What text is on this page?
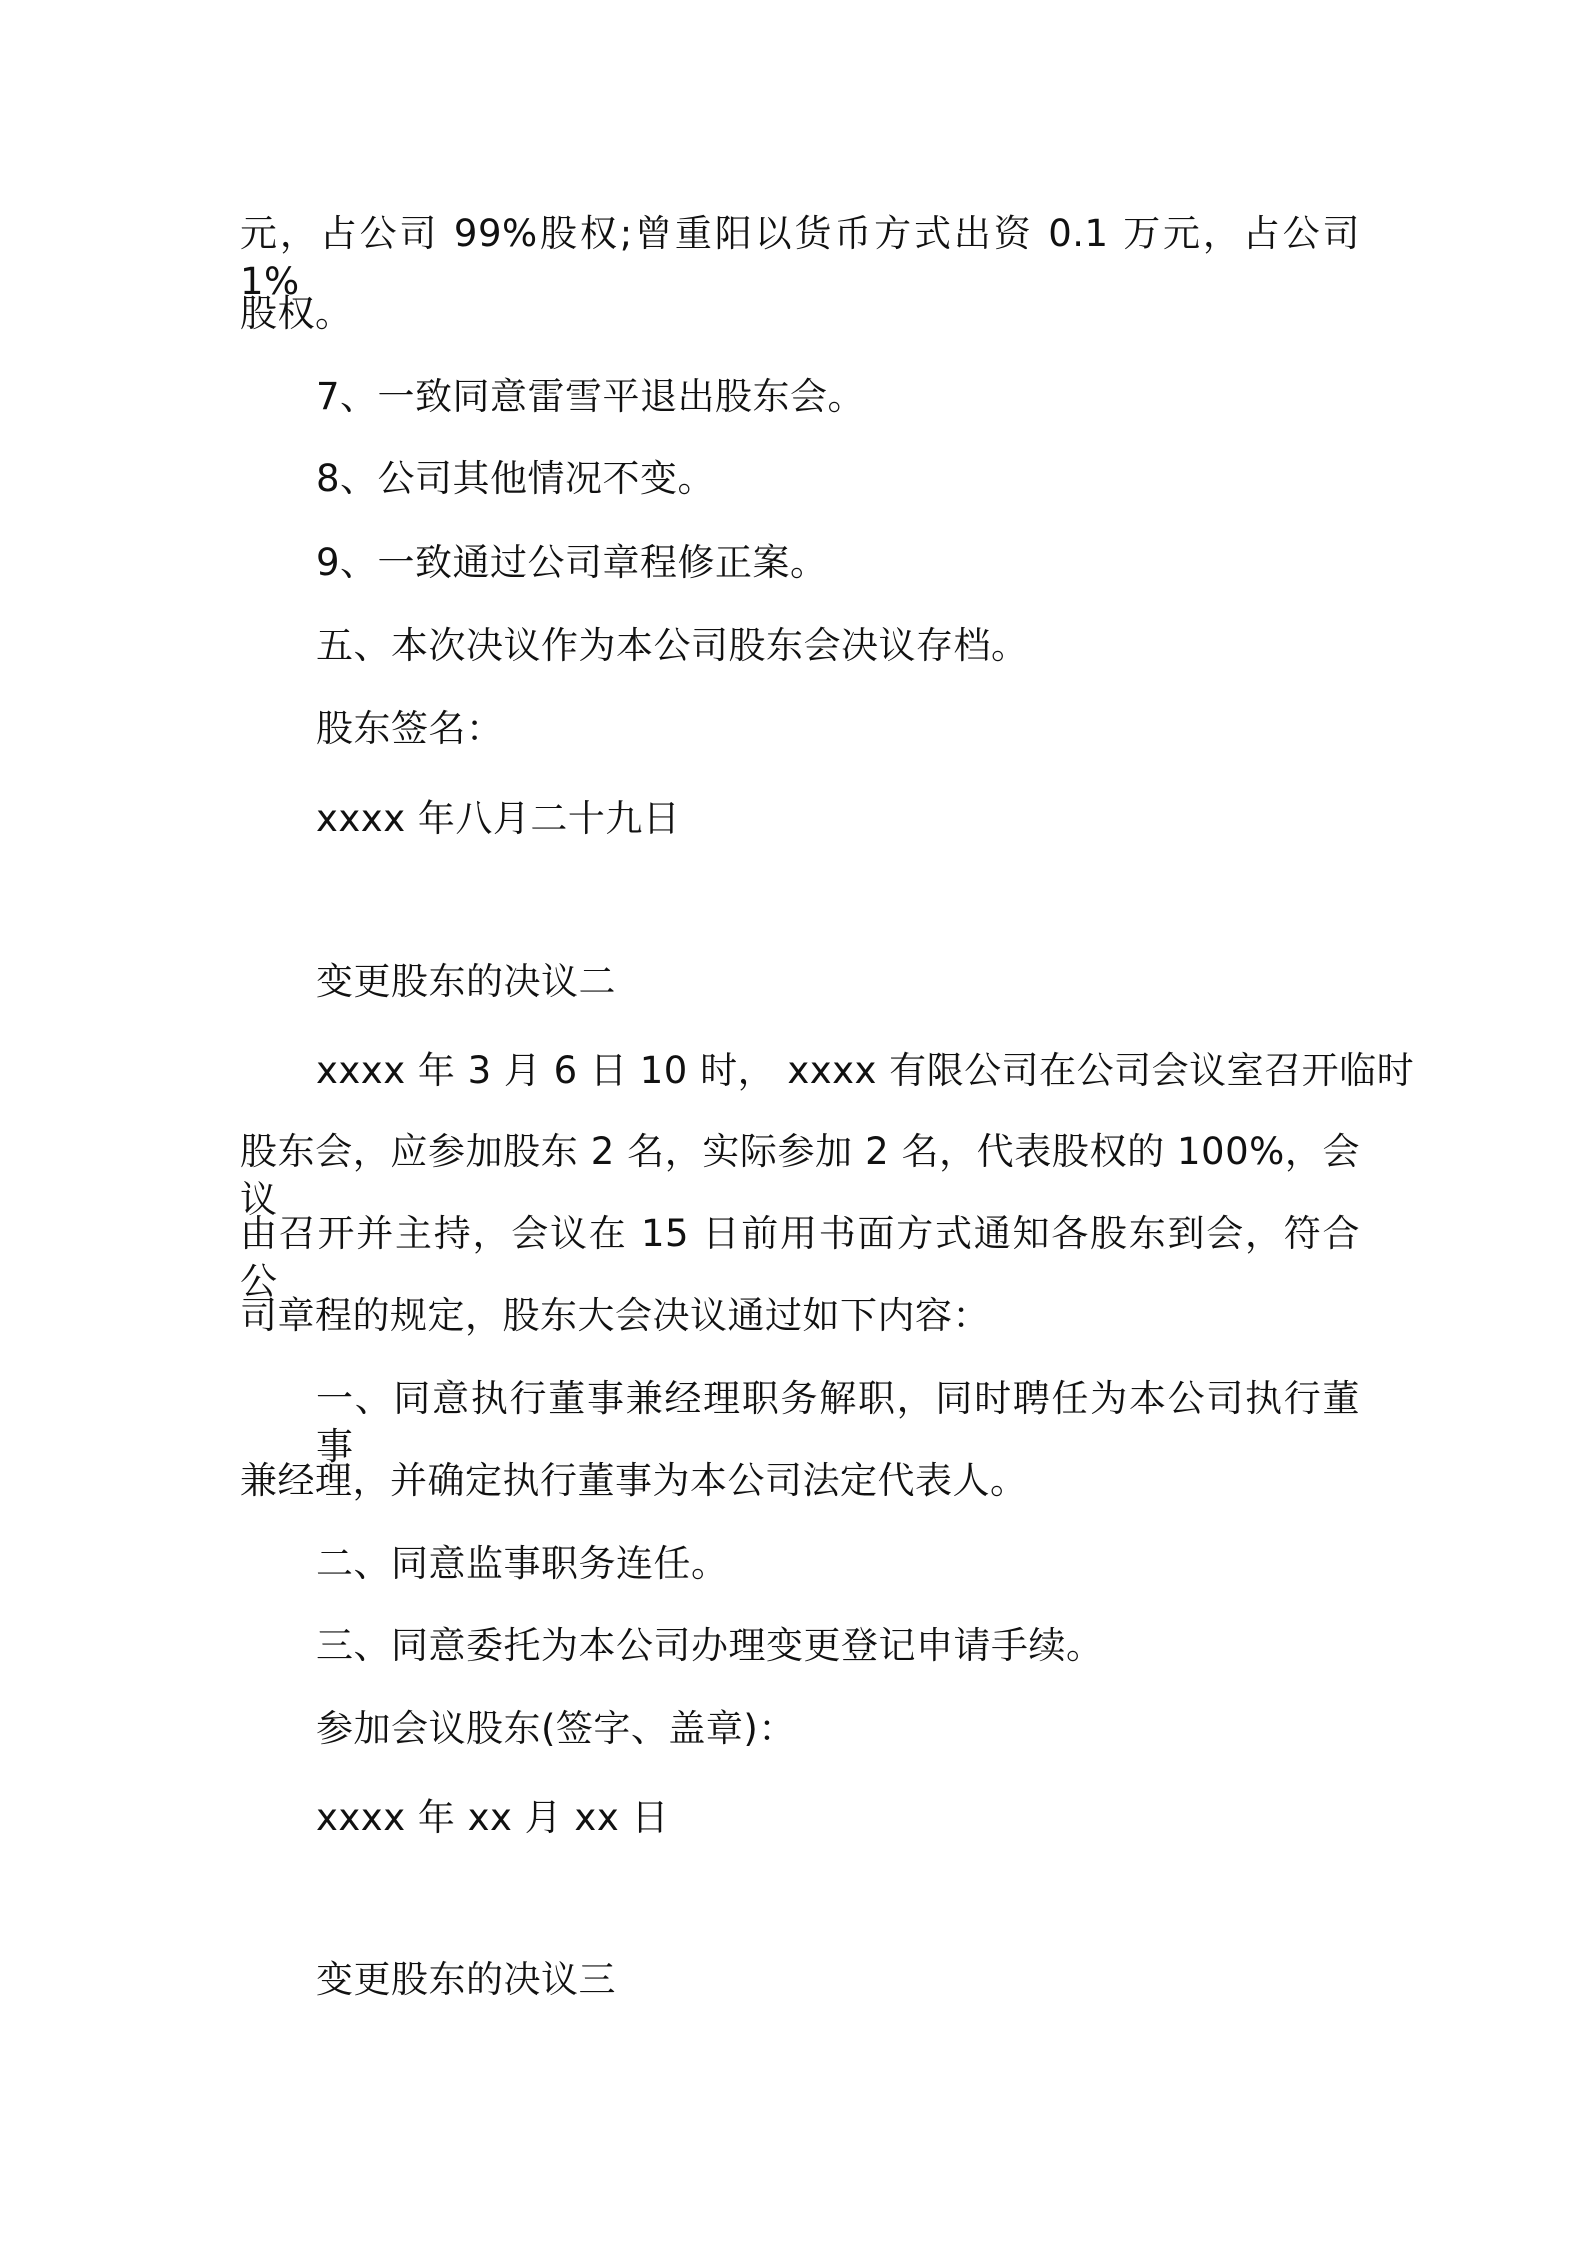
元，占公司 99%股权;曾重阳以货币方式出资 0.1 万元，占公司 1%
股权。
7、一致同意雷雪平退出股东会。
8、公司其他情况不变。
9、一致通过公司章程修正案。
五、本次决议作为本公司股东会决议存档。
股东签名：
xxxx 年八月二十九日
变更股东的决议二
xxxx 年 3 月 6 日 10 时， xxxx 有限公司在公司会议室召开临时
股东会，应参加股东 2 名，实际参加 2 名，代表股权的 100%，会议
由召开并主持，会议在 15 日前用书面方式通知各股东到会，符合公
司章程的规定，股东大会决议通过如下内容：
一、同意执行董事兼经理职务解职，同时聘任为本公司执行董事
兼经理，并确定执行董事为本公司法定代表人。
二、同意监事职务连任。
三、同意委托为本公司办理变更登记申请手续。
参加会议股东(签字、盖章)：
xxxx 年 xx 月 xx 日
变更股东的决议三
